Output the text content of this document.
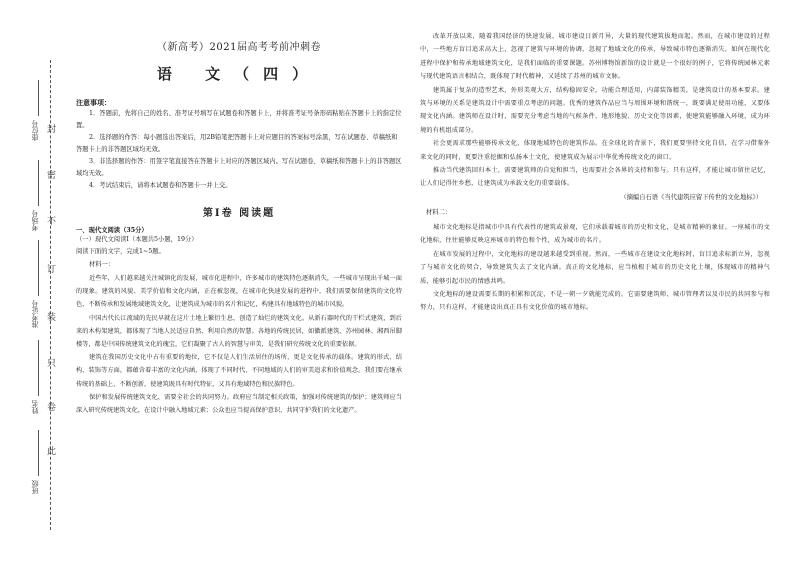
封
密
不
订
装
只
卷
此
座位号
考场号
准考证号
姓名
班级
（新高考）2021届高考考前冲刺卷
语 文（四）
注意事项：
1．答题前，先将自己的姓名、准考证号填写在试题卷和答题卡上，并将准考证号条形码粘贴在答题卡上的指定位置。
2．选择题的作答：每小题选出答案后，用2B铅笔把答题卡上对应题目的答案标号涂黑，写在试题卷、草稿纸和答题卡上的非答题区域均无效。
3．非选择题的作答：用签字笔直接答在答题卡上对应的答题区域内。写在试题卷、草稿纸和答题卡上的非答题区域均无效。
4．考试结束后，请将本试题卷和答题卡一并上交。
第Ⅰ卷 阅读题
一、现代文阅读（35分）
（一）现代文阅读Ⅰ（本题共5小题，19分）
阅读下面的文字，完成1~5题。
材料一：

近些年，人们越来越关注城镇化的发展，城市化进程中，许多城市的建筑特色逐渐消失，一些城市呈现出千城一面的现象。建筑的风貌、美学价值和文化内涵，正在被忽视，在城市化快速发展的进程中，我们需要保留建筑的文化特色，不断传承和发展地域建筑文化，让建筑成为城市的名片和记忆，构建具有地域特色的城市风貌。

中国古代长江流域的先民早就在这片土地上繁衍生息，创造了灿烂的建筑文化。从新石器时代的干栏式建筑，到后来的木构架建筑，都体现了当地人民适应自然、利用自然的智慧。各地的传统民居，如徽派建筑、苏州园林、湘西吊脚楼等，都是中国传统建筑文化的瑰宝，它们凝聚了古人的智慧与审美，是我们研究传统文化的重要依据。

建筑在我国历史文化中占有重要的地位，它不仅是人们生活居住的场所，更是文化传承的载体。建筑的形式、结构、装饰等方面，都蕴含着丰富的文化内涵，体现了不同时代、不同地域的人们的审美追求和价值观念。我们要在继承传统的基础上，不断创新，使建筑既具有时代特征，又具有地域特色和民族特色。

保护和发展传统建筑文化，需要全社会的共同努力。政府应当制定相关政策，加强对传统建筑的保护；建筑师应当深入研究传统建筑文化，在设计中融入地域元素；公众也应当提高保护意识，共同守护我们的文化遗产。

改革开放以来，随着我国经济的快速发展，城市建设日新月异，大量的现代建筑拔地而起。然而，在城市建设的过程中，一些地方盲目追求高大上，忽视了建筑与环境的协调，忽视了地域文化的传承，导致城市特色逐渐消失。如何在现代化进程中保护和传承地域建筑文化，是我们面临的重要课题。苏州博物馆新馆的设计就是一个很好的例子，它将传统园林元素与现代建筑语言相结合，既体现了时代精神，又延续了苏州的城市文脉。

建筑属于复杂的造型艺术，外形美观大方，结构稳固安全，功能合理适用，内部装饰精美，是建筑设计的基本要求。建筑与环境的关系是建筑设计中需要重点考虑的问题。优秀的建筑作品应当与周围环境和谐统一，既要满足使用功能，又要体现文化内涵。建筑师在设计时，需要充分考虑当地的气候条件、地形地貌、历史文化等因素，使建筑能够融入环境，成为环境的有机组成部分。

社会更需求那些能够传承文化、体现地域特色的建筑作品。在全球化的背景下，我们更要坚持文化自信，在学习借鉴外来文化的同时，更要注重挖掘和弘扬本土文化，使建筑成为展示中华优秀传统文化的窗口。

推动当代建筑回归本土，需要建筑师的自觉和担当，也需要社会各界的支持和参与。只有这样，才能让城市留住记忆，让人们记得住乡愁，让建筑成为承载文化的重要载体。

（摘编自石语《当代建筑应留下传世的文化地标》）
材料二：

城市文化地标是指城市中具有代表性的建筑或景观，它们承载着城市的历史和文化，是城市精神的象征。一座城市的文化地标，往往能够反映这座城市的特色和个性，成为城市的名片。

在城市发展的过程中，文化地标的建设越来越受到重视。然而，一些城市在建设文化地标时，盲目追求标新立异，忽视了与城市文化的契合，导致建筑失去了文化内涵。真正的文化地标，应当植根于城市的历史文化土壤，体现城市的精神气质，能够引起市民的情感共鸣。

文化地标的建设需要长期的积累和沉淀，不是一朝一夕就能完成的。它需要建筑师、城市管理者以及市民的共同参与和努力，只有这样，才能建设出真正具有文化价值的城市地标。
